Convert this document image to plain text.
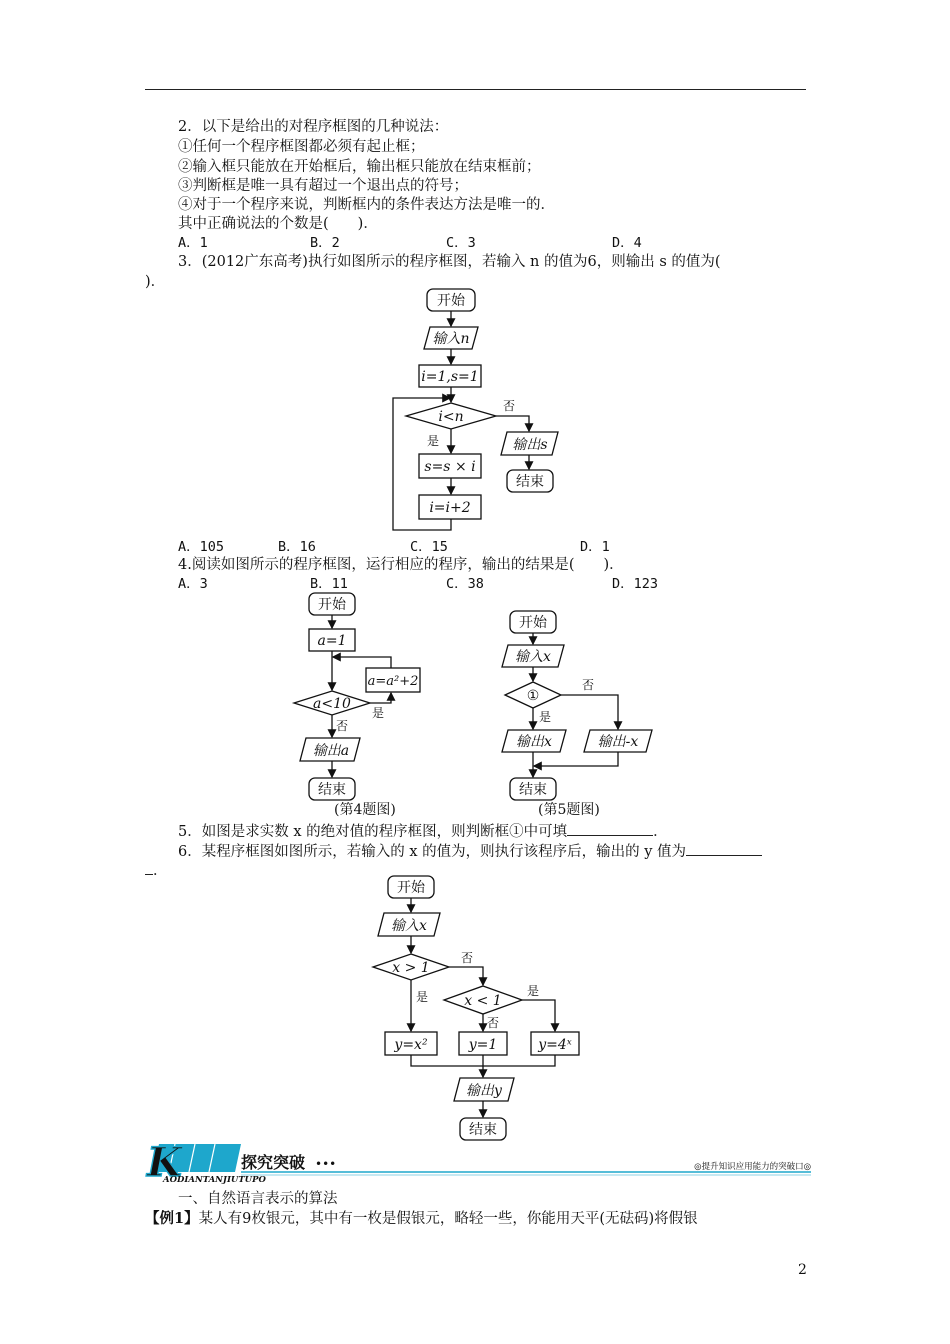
2．以下是给出的对程序框图的几种说法：
①任何一个程序框图都必须有起止框；
②输入框只能放在开始框后，输出框只能放在结束框前；
③判断框是唯一具有超过一个退出点的符号；
④对于一个程序来说，判断框内的条件表达方法是唯一的．
其中正确说法的个数是(　　)．
A．1	B．2	C．3	D．4
3．(2012广东高考)执行如图所示的程序框图，若输入 n 的值为6，则输出 s 的值为(
)．
开始
输入n
i=1,s=1
i<n
否
是
s=s × i
i=i+2
输出s
结束
A．105	B．16	C．15	D．1
4.阅读如图所示的程序框图，运行相应的程序，输出的结果是(　　)．
A．3	B．11	C．38	D．123
开始
a=1
a=a²+2
a<10
是
否
输出a
结束
(第4题图)
开始
输入x
①
否
是
输出x	输出-x
结束
(第5题图)
5．如图是求实数 x 的绝对值的程序框图，则判断框①中可填	．
6．某程序框图如图所示，若输入的 x 的值为，则执行该程序后，输出的 y 值为
．
开始
输入x
x > 1
否
是	x < 1
是
否
y=x²	y=1	y=4ˣ
输出y
结束
K	探究突破 •••
AODIANTANJIUTUPO
◎提升知识应用能力的突破口◎
一、自然语言表示的算法
【例1】某人有9枚银元，其中有一枚是假银元，略轻一些，你能用天平(无砝码)将假银
2
